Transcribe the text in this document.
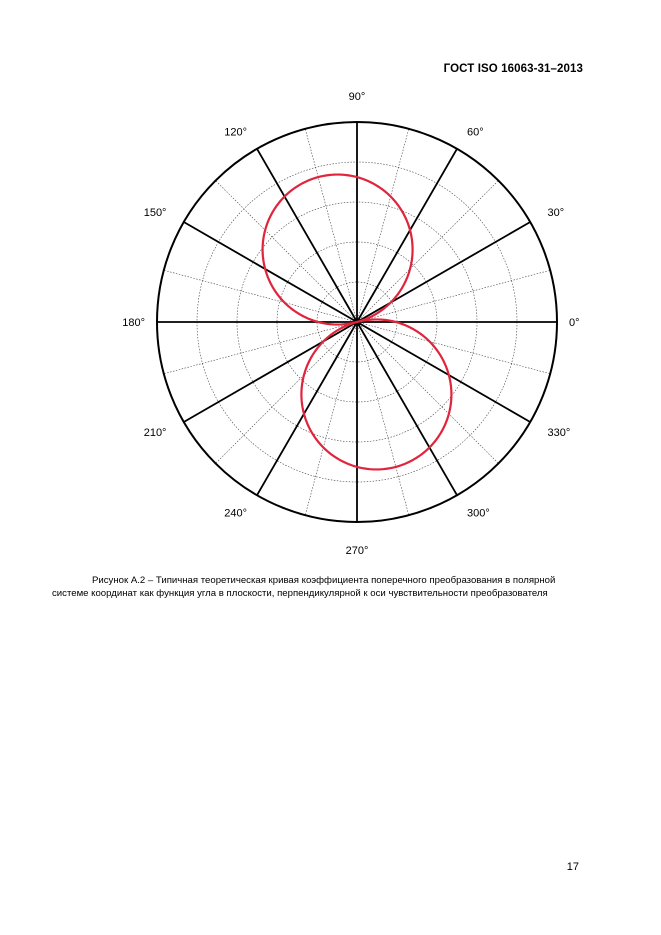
ГОСТ ISO 16063-31–2013
0°
30°
60°
90°
120°
150°
180°
210°
240°
270°
300°
330°
Рисунок А.2 – Типичная теоретическая кривая коэффициента поперечного преобразования в полярной
системе координат как функция угла в плоскости, перпендикулярной к оси чувствительности преобразователя
17
